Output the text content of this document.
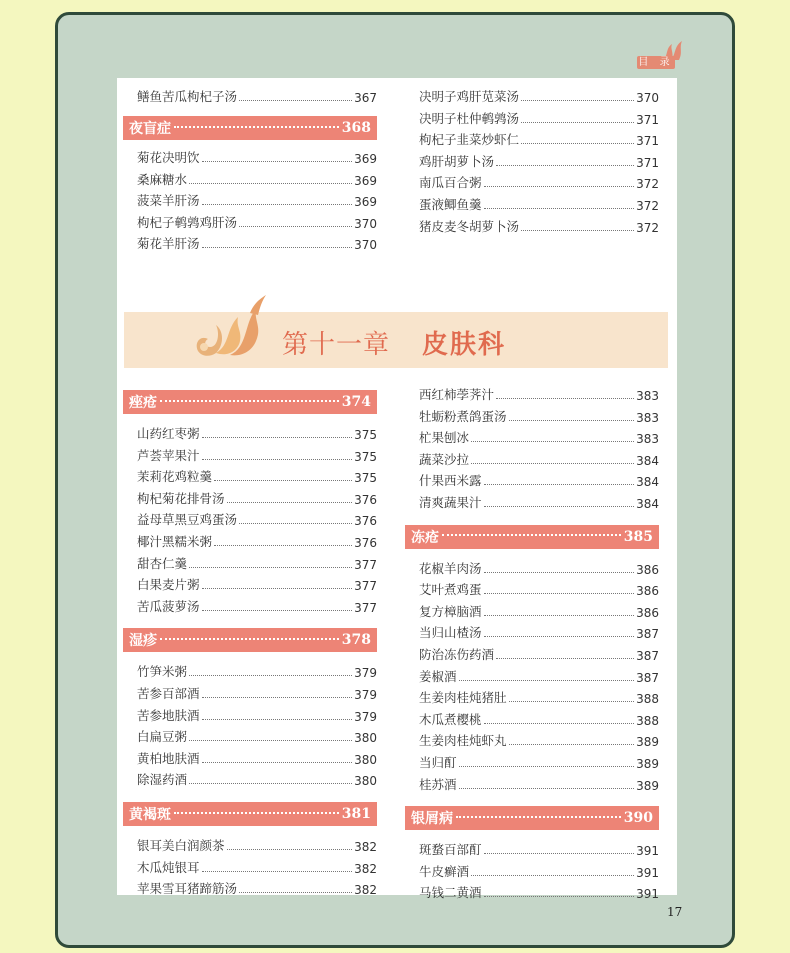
目 录
鳝鱼苦瓜枸杞子汤	367
夜盲症	368
菊花决明饮	369
桑麻糖水	369
菠菜羊肝汤	369
枸杞子鹌鹑鸡肝汤	370
菊花羊肝汤	370
痤疮	374
山药红枣粥	375
芦荟苹果汁	375
茉莉花鸡粒羹	375
枸杞菊花排骨汤	376
益母草黑豆鸡蛋汤	376
椰汁黑糯米粥	376
甜杏仁羹	377
白果麦片粥	377
苦瓜菠萝汤	377
湿疹	378
竹笋米粥	379
苦参百部酒	379
苦参地肤酒	379
白扁豆粥	380
黄柏地肤酒	380
除湿药酒	380
黄褐斑	381
银耳美白润颜茶	382
木瓜炖银耳	382
苹果雪耳猪蹄筋汤	382
决明子鸡肝苋菜汤	370
决明子杜仲鹌鹑汤	371
枸杞子韭菜炒虾仁	371
鸡肝胡萝卜汤	371
南瓜百合粥	372
蛋液鲫鱼羹	372
猪皮麦冬胡萝卜汤	372
西红柿荸荠汁	383
牡蛎粉煮鸽蛋汤	383
杧果刨冰	383
蔬菜沙拉	384
什果西米露	384
清爽蔬果汁	384
冻疮	385
花椒羊肉汤	386
艾叶煮鸡蛋	386
复方樟脑酒	386
当归山楂汤	387
防治冻伤药酒	387
姜椒酒	387
生姜肉桂炖猪肚	388
木瓜煮樱桃	388
生姜肉桂炖虾丸	389
当归酊	389
桂苏酒	389
银屑病	390
斑蝥百部酊	391
牛皮癣酒	391
马钱二黄酒	391
第十一章 皮肤科
17
